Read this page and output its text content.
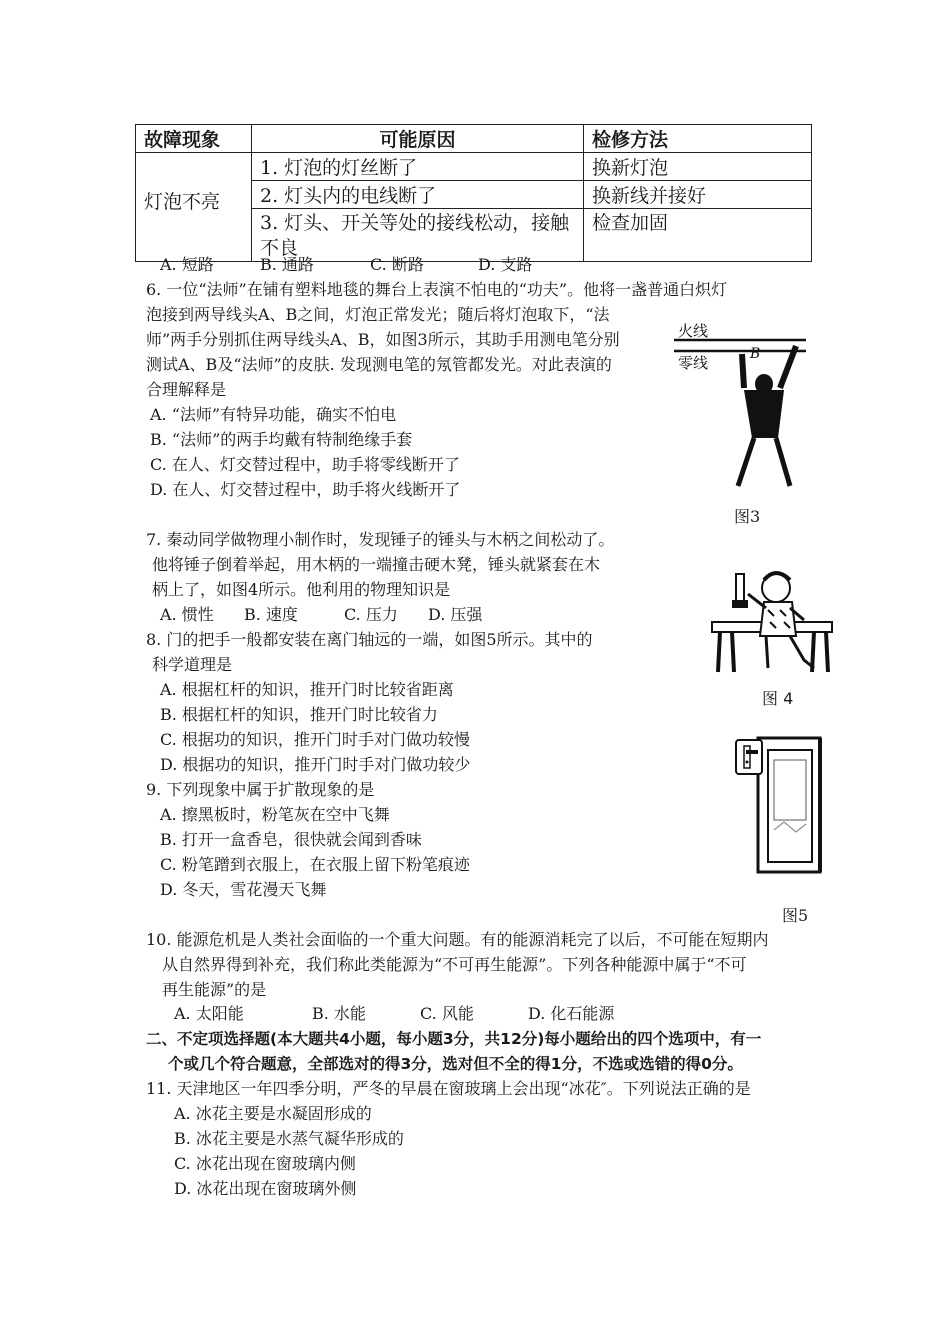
故障现象	可能原因	检修方法
灯泡不亮	1. 灯泡的灯丝断了	换新灯泡
	2. 灯头内的电线断了	换新线并接好
	3. 灯头、开关等处的接线松动，接触不良	检查加固
A. 短路	B. 通路	C. 断路	D. 支路
6. 一位“法师”在铺有塑料地毯的舞台上表演不怕电的“功夫”。他将一盏普通白炽灯
泡接到两导线头A、B之间，灯泡正常发光；随后将灯泡取下，“法
师”两手分别抓住两导线头A、B，如图3所示，其助手用测电笔分别
测试A、B及“法师”的皮肤. 发现测电笔的氖管都发光。对此表演的
合理解释是
A. “法师”有特异功能，确实不怕电
B. “法师”的两手均戴有特制绝缘手套
C. 在人、灯交替过程中，助手将零线断开了
D. 在人、灯交替过程中，助手将火线断开了
火线
零线	B
图3
7. 秦动同学做物理小制作时，发现锤子的锤头与木柄之间松动了。
他将锤子倒着举起，用木柄的一端撞击硬木凳，锤头就紧套在木
柄上了，如图4所示。他利用的物理知识是
A. 惯性 B. 速度	C. 压力 D. 压强
图 4
8. 门的把手一般都安装在离门轴远的一端，如图5所示。其中的
科学道理是
A. 根据杠杆的知识，推开门时比较省距离
B. 根据杠杆的知识，推开门时比较省力
C. 根据功的知识，推开门时手对门做功较慢
D. 根据功的知识，推开门时手对门做功较少
图5
9. 下列现象中属于扩散现象的是
A. 擦黑板时，粉笔灰在空中飞舞
B. 打开一盒香皂，很快就会闻到香味
C. 粉笔蹭到衣服上，在衣服上留下粉笔痕迹
D. 冬天，雪花漫天飞舞
10. 能源危机是人类社会面临的一个重大问题。有的能源消耗完了以后，不可能在短期内
从自然界得到补充，我们称此类能源为“不可再生能源”。下列各种能源中属于“不可
再生能源”的是
A. 太阳能	B. 水能	C. 风能	D. 化石能源
二、不定项选择题(本大题共4小题，每小题3分，共12分)每小题给出的四个选项中，有一
个或几个符合题意，全部选对的得3分，选对但不全的得1分，不选或选错的得0分。
11. 天津地区一年四季分明，严冬的早晨在窗玻璃上会出现“冰花″。下列说法正确的是
A. 冰花主要是水凝固形成的
B. 冰花主要是水蒸气凝华形成的
C. 冰花出现在窗玻璃内侧
D. 冰花出现在窗玻璃外侧
